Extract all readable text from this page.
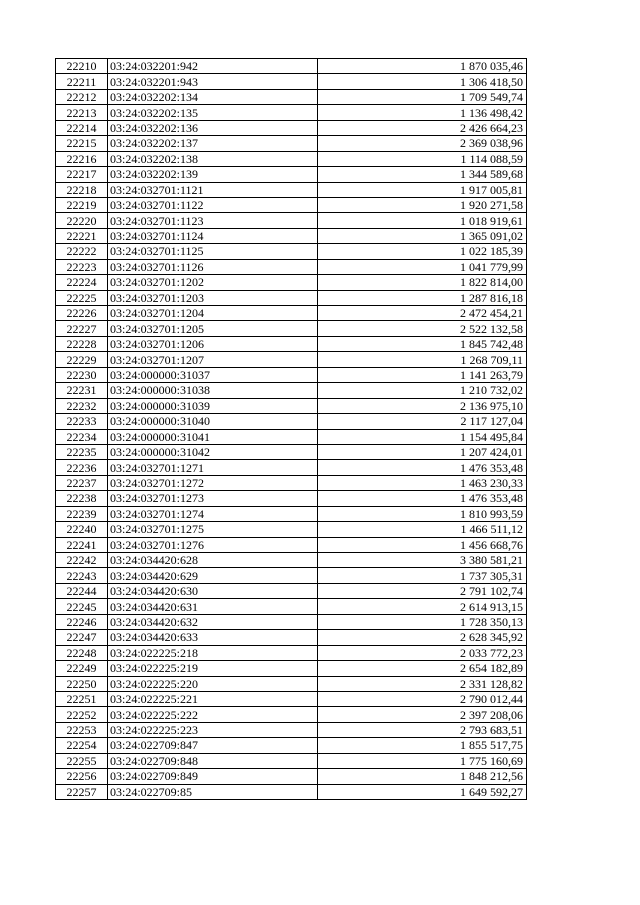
22210	03:24:032201:942	1 870 035,46
22211	03:24:032201:943	1 306 418,50
22212	03:24:032202:134	1 709 549,74
22213	03:24:032202:135	1 136 498,42
22214	03:24:032202:136	2 426 664,23
22215	03:24:032202:137	2 369 038,96
22216	03:24:032202:138	1 114 088,59
22217	03:24:032202:139	1 344 589,68
22218	03:24:032701:1121	1 917 005,81
22219	03:24:032701:1122	1 920 271,58
22220	03:24:032701:1123	1 018 919,61
22221	03:24:032701:1124	1 365 091,02
22222	03:24:032701:1125	1 022 185,39
22223	03:24:032701:1126	1 041 779,99
22224	03:24:032701:1202	1 822 814,00
22225	03:24:032701:1203	1 287 816,18
22226	03:24:032701:1204	2 472 454,21
22227	03:24:032701:1205	2 522 132,58
22228	03:24:032701:1206	1 845 742,48
22229	03:24:032701:1207	1 268 709,11
22230	03:24:000000:31037	1 141 263,79
22231	03:24:000000:31038	1 210 732,02
22232	03:24:000000:31039	2 136 975,10
22233	03:24:000000:31040	2 117 127,04
22234	03:24:000000:31041	1 154 495,84
22235	03:24:000000:31042	1 207 424,01
22236	03:24:032701:1271	1 476 353,48
22237	03:24:032701:1272	1 463 230,33
22238	03:24:032701:1273	1 476 353,48
22239	03:24:032701:1274	1 810 993,59
22240	03:24:032701:1275	1 466 511,12
22241	03:24:032701:1276	1 456 668,76
22242	03:24:034420:628	3 380 581,21
22243	03:24:034420:629	1 737 305,31
22244	03:24:034420:630	2 791 102,74
22245	03:24:034420:631	2 614 913,15
22246	03:24:034420:632	1 728 350,13
22247	03:24:034420:633	2 628 345,92
22248	03:24:022225:218	2 033 772,23
22249	03:24:022225:219	2 654 182,89
22250	03:24:022225:220	2 331 128,82
22251	03:24:022225:221	2 790 012,44
22252	03:24:022225:222	2 397 208,06
22253	03:24:022225:223	2 793 683,51
22254	03:24:022709:847	1 855 517,75
22255	03:24:022709:848	1 775 160,69
22256	03:24:022709:849	1 848 212,56
22257	03:24:022709:85	1 649 592,27
